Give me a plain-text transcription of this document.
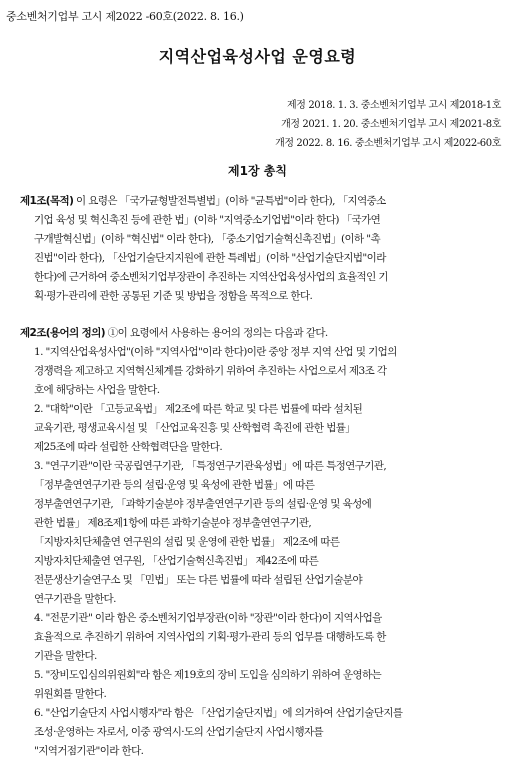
중소벤처기업부 고시 제2022 -60호(2022. 8. 16.)
지역산업육성사업 운영요령
제정 2018. 1. 3. 중소벤처기업부 고시 제2018-1호
개정 2021. 1. 20. 중소벤처기업부 고시 제2021-8호
개정 2022. 8. 16. 중소벤처기업부 고시 제2022-60호
제1장 총칙

제1조(목적) 이 요령은 「국가균형발전특별법」(이하 "균특법"이라 한다), 「지역중소

기업 육성 및 혁신촉진 등에 관한 법」(이하 "지역중소기업법"이라 한다) 「국가연

구개발혁신법」(이하 "혁신법" 이라 한다), 「중소기업기술혁신촉진법」(이하 "촉

진법"이라 한다), 「산업기술단지지원에 관한 특례법」(이하 "산업기술단지법"이라

한다)에 근거하여 중소벤처기업부장관이 추진하는 지역산업육성사업의 효율적인 기

획·평가·관리에 관한 공통된 기준 및 방법을 정함을 목적으로 한다.

제2조(용어의 정의) ①이 요령에서 사용하는 용어의 정의는 다음과 같다.

1. "지역산업육성사업"(이하 "지역사업"이라 한다)이란 중앙 정부 지역 산업 및 기업의

경쟁력을 제고하고 지역혁신체계를 강화하기 위하여 추진하는 사업으로서 제3조 각

호에 해당하는 사업을 말한다.

2. "대학"이란 「고등교육법」 제2조에 따른 학교 및 다른 법률에 따라 설치된

교육기관, 평생교육시설 및 「산업교육진흥 및 산학협력 촉진에 관한 법률」

제25조에 따라 설립한 산학협력단을 말한다.

3. "연구기관"이란 국공립연구기관, 「특정연구기관육성법」에 따른 특정연구기관,

「정부출연연구기관 등의 설립·운영 및 육성에 관한 법률」에 따른

정부출연연구기관, 「과학기술분야 정부출연연구기관 등의 설립·운영 및 육성에

관한 법률」 제8조제1항에 따른 과학기술분야 정부출연연구기관,

「지방자치단체출연 연구원의 설립 및 운영에 관한 법률」 제2조에 따른

지방자치단체출연 연구원, 「산업기술혁신촉진법」 제42조에 따른

전문생산기술연구소 및 「민법」 또는 다른 법률에 따라 설립된 산업기술분야

연구기관을 말한다.

4. "전문기관" 이라 함은 중소벤처기업부장관(이하 "장관"이라 한다)이 지역사업을

효율적으로 추진하기 위하여 지역사업의 기획·평가·관리 등의 업무를 대행하도록 한

기관을 말한다.

5. "장비도입심의위원회"라 함은 제19호의 장비 도입을 심의하기 위하여 운영하는

위원회를 말한다.

6. "산업기술단지 사업시행자"라 함은 「산업기술단지법」에 의거하여 산업기술단지를

조성·운영하는 자로서, 이중 광역시·도의 산업기술단지 사업시행자를

"지역거점기관"이라 한다.
